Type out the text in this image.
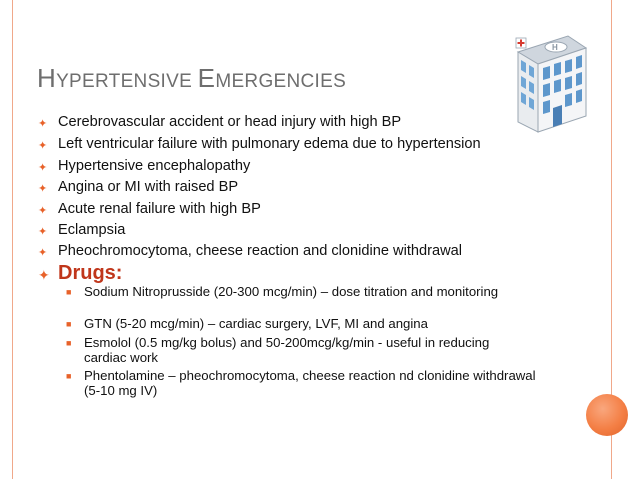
HYPERTENSIVE EMERGENCIES
H
✦ Cerebrovascular accident or head injury with high BP
✦ Left ventricular failure with pulmonary edema due to hypertension
✦ Hypertensive encephalopathy
✦ Angina or MI with raised BP
✦ Acute renal failure with high BP
✦ Eclampsia
✦ Pheochromocytoma, cheese reaction and clonidine withdrawal
✦ Drugs:
■ Sodium Nitroprusside (20-300 mcg/min) – dose titration and monitoring
■ GTN (5-20 mcg/min) – cardiac surgery, LVF, MI and angina
■ Esmolol (0.5 mg/kg bolus) and 50-200mcg/kg/min - useful in reducing cardiac work
■ Phentolamine – pheochromocytoma, cheese reaction nd clonidine withdrawal (5-10 mg IV)
